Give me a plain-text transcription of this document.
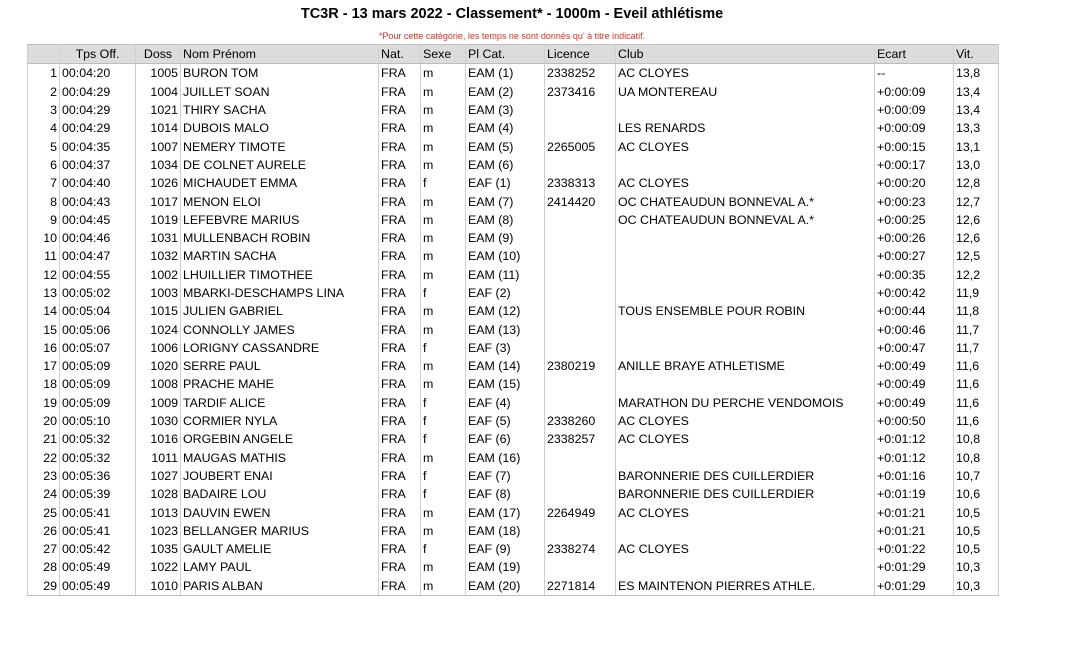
TC3R - 13 mars 2022 - Classement* - 1000m - Eveil athlétisme
*Pour cette catégorie, les temps ne sont donnés qu' à titre indicatif.
	Tps Off.	Doss	Nom Prénom	Nat.	Sexe	Pl Cat.	Licence	Club	Ecart	Vit.
1	00:04:20	1005	BURON TOM	FRA	m	EAM (1)	2338252	AC CLOYES	--	13,8
2	00:04:29	1004	JUILLET SOAN	FRA	m	EAM (2)	2373416	UA MONTEREAU	+0:00:09	13,4
3	00:04:29	1021	THIRY SACHA	FRA	m	EAM (3)			+0:00:09	13,4
4	00:04:29	1014	DUBOIS MALO	FRA	m	EAM (4)		LES RENARDS	+0:00:09	13,3
5	00:04:35	1007	NEMERY TIMOTE	FRA	m	EAM (5)	2265005	AC CLOYES	+0:00:15	13,1
6	00:04:37	1034	DE COLNET AURELE	FRA	m	EAM (6)			+0:00:17	13,0
7	00:04:40	1026	MICHAUDET EMMA	FRA	f	EAF (1)	2338313	AC CLOYES	+0:00:20	12,8
8	00:04:43	1017	MENON ELOI	FRA	m	EAM (7)	2414420	OC CHATEAUDUN BONNEVAL A.*	+0:00:23	12,7
9	00:04:45	1019	LEFEBVRE MARIUS	FRA	m	EAM (8)		OC CHATEAUDUN BONNEVAL A.*	+0:00:25	12,6
10	00:04:46	1031	MULLENBACH ROBIN	FRA	m	EAM (9)			+0:00:26	12,6
11	00:04:47	1032	MARTIN SACHA	FRA	m	EAM (10)			+0:00:27	12,5
12	00:04:55	1002	LHUILLIER TIMOTHEE	FRA	m	EAM (11)			+0:00:35	12,2
13	00:05:02	1003	MBARKI-DESCHAMPS LINA	FRA	f	EAF (2)			+0:00:42	11,9
14	00:05:04	1015	JULIEN GABRIEL	FRA	m	EAM (12)		TOUS ENSEMBLE POUR ROBIN	+0:00:44	11,8
15	00:05:06	1024	CONNOLLY JAMES	FRA	m	EAM (13)			+0:00:46	11,7
16	00:05:07	1006	LORIGNY CASSANDRE	FRA	f	EAF (3)			+0:00:47	11,7
17	00:05:09	1020	SERRE PAUL	FRA	m	EAM (14)	2380219	ANILLE BRAYE ATHLETISME	+0:00:49	11,6
18	00:05:09	1008	PRACHE MAHE	FRA	m	EAM (15)			+0:00:49	11,6
19	00:05:09	1009	TARDIF ALICE	FRA	f	EAF (4)		MARATHON DU PERCHE VENDOMOIS	+0:00:49	11,6
20	00:05:10	1030	CORMIER NYLA	FRA	f	EAF (5)	2338260	AC CLOYES	+0:00:50	11,6
21	00:05:32	1016	ORGEBIN ANGELE	FRA	f	EAF (6)	2338257	AC CLOYES	+0:01:12	10,8
22	00:05:32	1011	MAUGAS MATHIS	FRA	m	EAM (16)			+0:01:12	10,8
23	00:05:36	1027	JOUBERT ENAI	FRA	f	EAF (7)		BARONNERIE DES CUILLERDIER	+0:01:16	10,7
24	00:05:39	1028	BADAIRE LOU	FRA	f	EAF (8)		BARONNERIE DES CUILLERDIER	+0:01:19	10,6
25	00:05:41	1013	DAUVIN EWEN	FRA	m	EAM (17)	2264949	AC CLOYES	+0:01:21	10,5
26	00:05:41	1023	BELLANGER MARIUS	FRA	m	EAM (18)			+0:01:21	10,5
27	00:05:42	1035	GAULT AMELIE	FRA	f	EAF (9)	2338274	AC CLOYES	+0:01:22	10,5
28	00:05:49	1022	LAMY PAUL	FRA	m	EAM (19)			+0:01:29	10,3
29	00:05:49	1010	PARIS ALBAN	FRA	m	EAM (20)	2271814	ES MAINTENON PIERRES ATHLE.	+0:01:29	10,3
